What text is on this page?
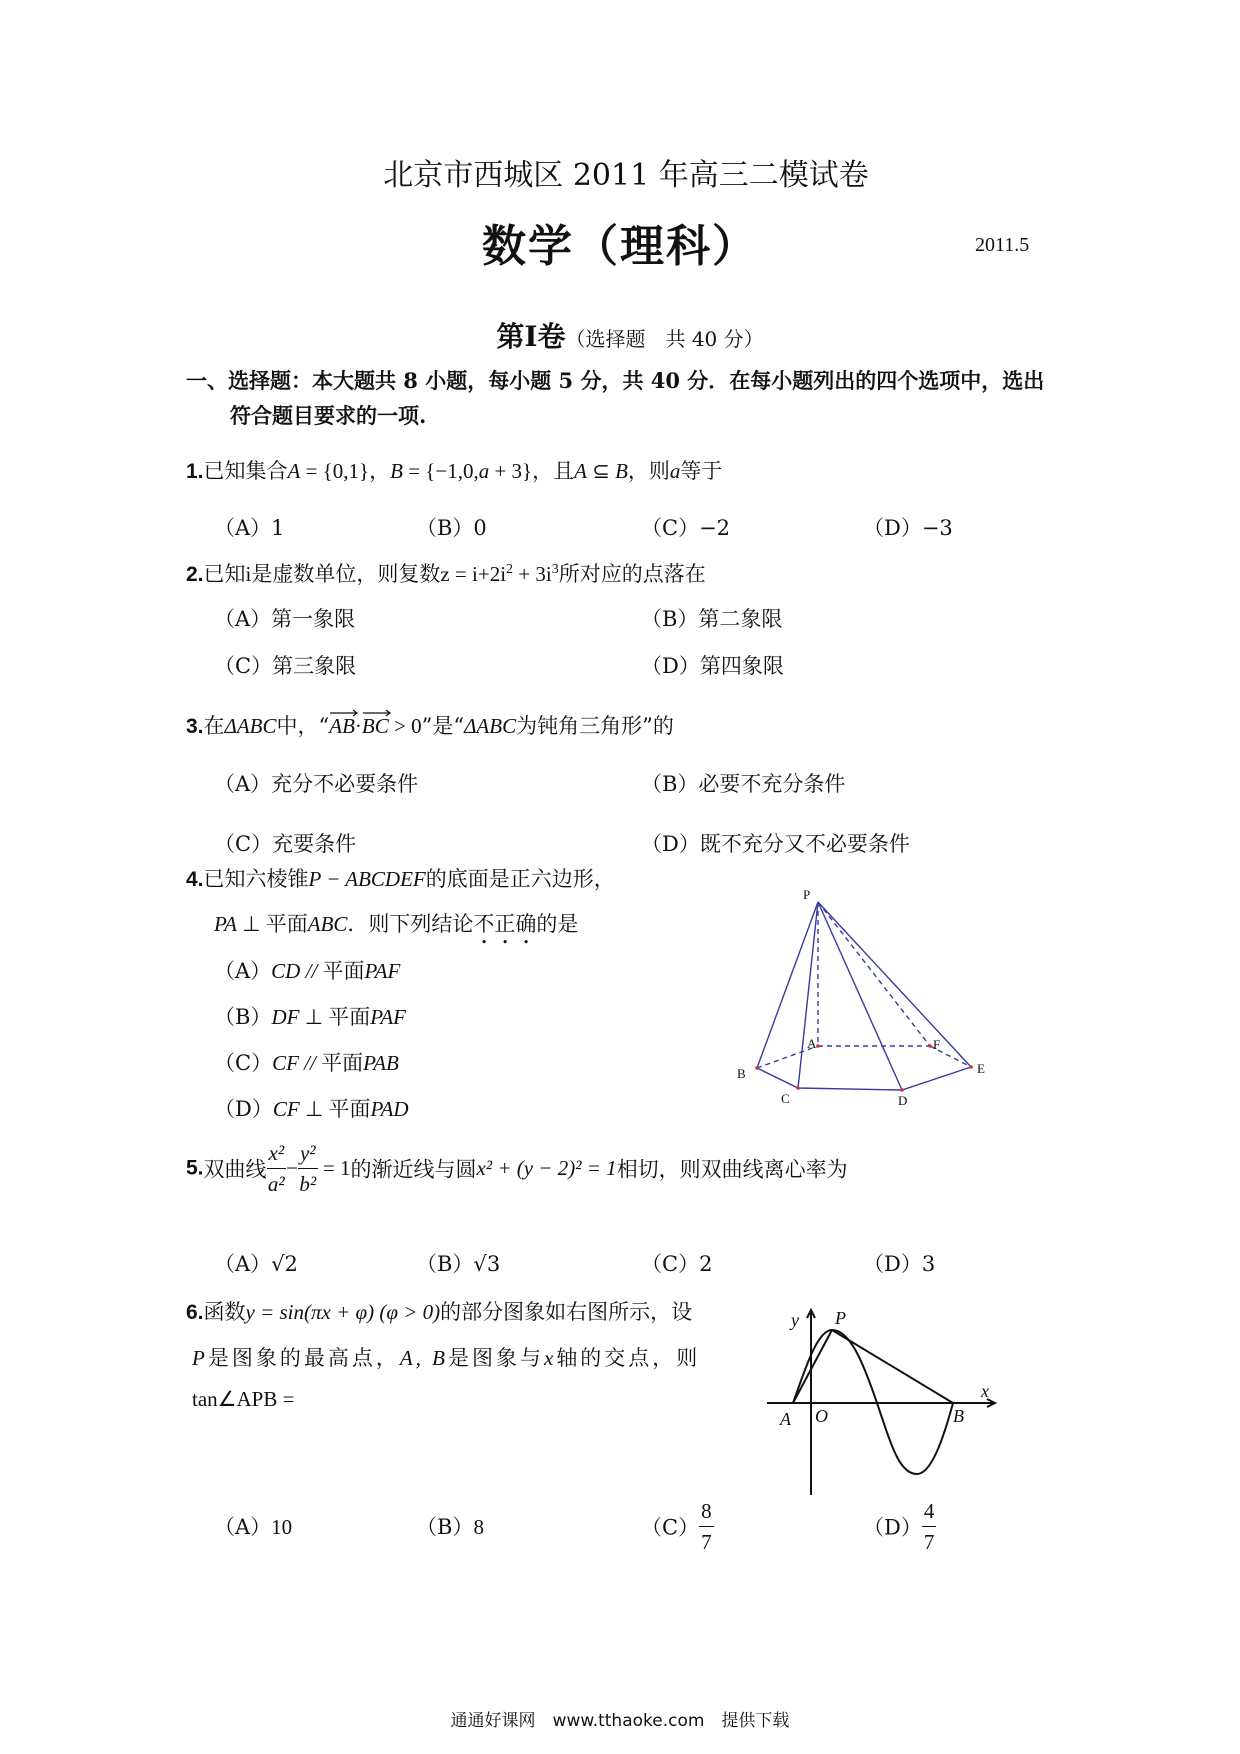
北京市西城区 2011 年高三二模试卷
数学（理科）	2011.5
第Ⅰ卷（选择题　共 40 分）
一、选择题：本大题共 8 小题，每小题 5 分，共 40 分．在每小题列出的四个选项中，选出
符合题目要求的一项.
1.已知集合A = {0,1}，B = {−1,0,a + 3}，且A ⊆ B，则a等于
（A）1	（B）0	（C）−2	（D）−3
2.已知i是虚数单位，则复数$z = i+2i^2 + 3i^3$所对应的点落在
（A）第一象限	（B）第二象限
（C）第三象限	（D）第四象限
3.在ΔABC中，“
AB·
BC > 0”是“ΔABC为钝角三角形”的
（A）充分不必要条件	（B）必要不充分条件
（C）充要条件	（D）既不充分又不必要条件
4.已知六棱锥P − ABCDEF的底面是正六边形，
PA ⊥ 平面ABC．则下列结论不正确的是
（A）CD // 平面PAF
（B）DF ⊥ 平面PAF
（C）CF // 平面PAB
（D）CF ⊥ 平面PAD
P
A	F
B	E
C	D
5.双曲线 $\frac{\text{x²}}{\text{a²}} - \frac{\text{y²}}{\text{b²}} = 1$的渐近线与圆x² + (y − 2)² = 1相切，则双曲线离心率为
（A）√2	（B）√3	（C）2	（D）3
6.函数y = sin(πx + φ) (φ > 0)的部分图象如右图所示，设
P是图象的最高点，A, B是图象与x轴的交点，则
tan∠APB =
y P
x
A O	B
（A）10	（B）8	$(C) \frac{8}{7}$	$(D) \frac{4}{7}$
通通好课网　www.tthaoke.com　提供下载
